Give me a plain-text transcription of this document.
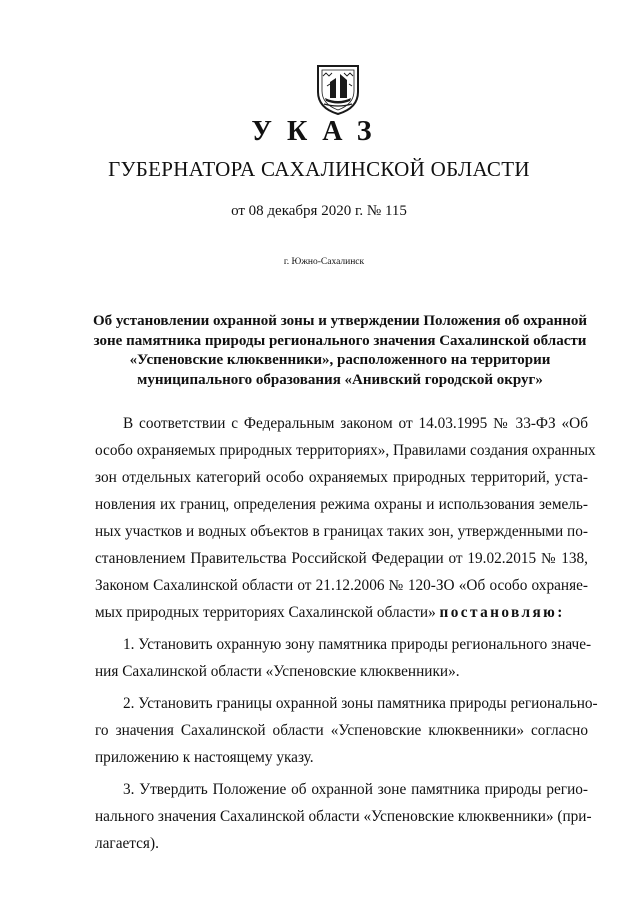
УКАЗ
ГУБЕРНАТОРА САХАЛИНСКОЙ ОБЛАСТИ
от 08 декабря 2020 г. № 115
г. Южно-Сахалинск
Об установлении охранной зоны и утверждении Положения об охранной
зоне памятника природы регионального значения Сахалинской области
«Успеновские клюквенники», расположенного на территории
муниципального образования «Анивский городской округ»
В соответствии с Федеральным законом от 14.03.1995 № 33-ФЗ «Об
особо охраняемых природных территориях», Правилами создания охранных
зон отдельных категорий особо охраняемых природных территорий, уста-
новления их границ, определения режима охраны и использования земель-
ных участков и водных объектов в границах таких зон, утвержденными по-
становлением Правительства Российской Федерации от 19.02.2015 № 138,
Законом Сахалинской области от 21.12.2006 № 120-ЗО «Об особо охраняе-
мых природных территориях Сахалинской области» постановляю:
1. Установить охранную зону памятника природы регионального значе-
ния Сахалинской области «Успеновские клюквенники».
2. Установить границы охранной зоны памятника природы регионально-
го значения Сахалинской области «Успеновские клюквенники» согласно
приложению к настоящему указу.
3. Утвердить Положение об охранной зоне памятника природы регио-
нального значения Сахалинской области «Успеновские клюквенники» (при-
лагается).
